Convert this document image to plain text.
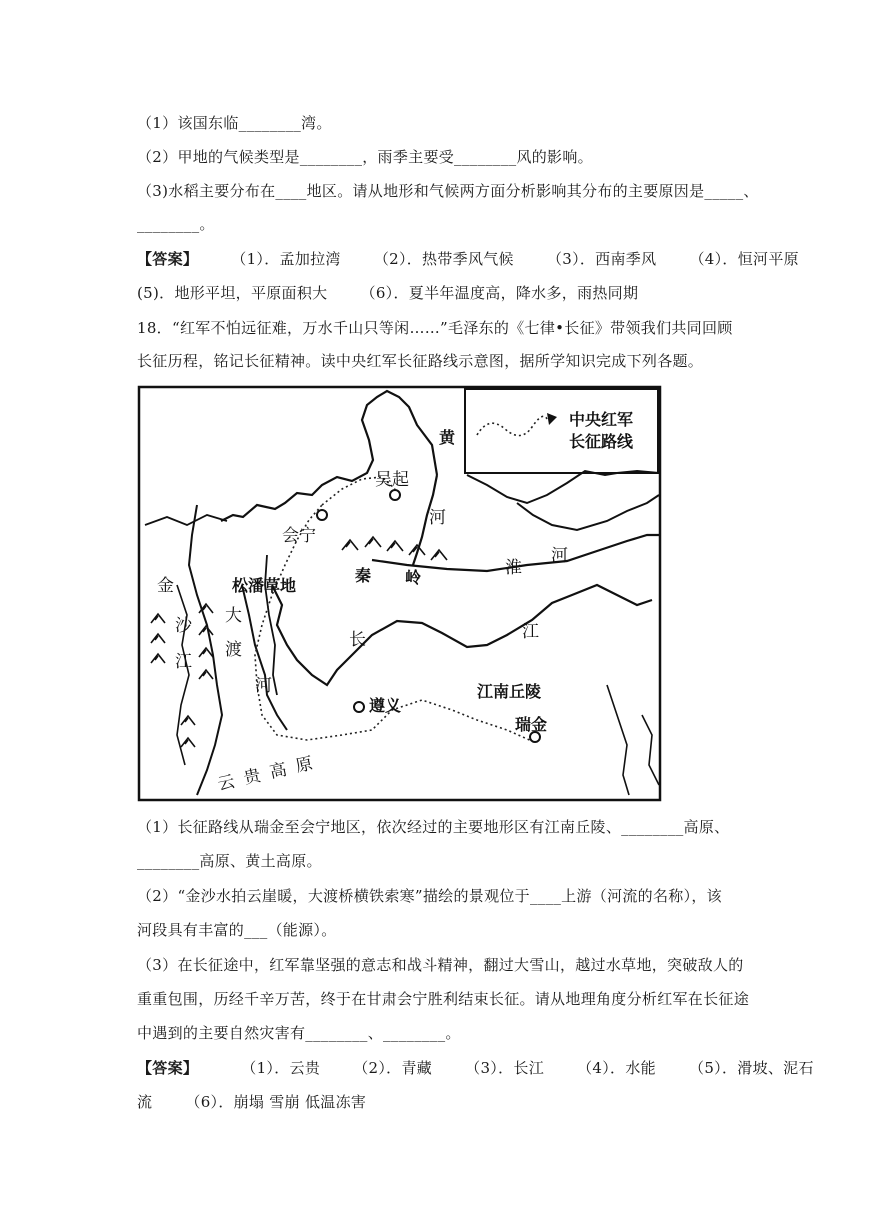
（1）该国东临________湾。
（2）甲地的气候类型是________，雨季主要受________风的影响。
（3)水稻主要分布在____地区。请从地形和气候两方面分析影响其分布的主要原因是_____、
________。
【答案】 （1）．孟加拉湾 （2）．热带季风气候 （3）．西南季风 （4）．恒河平原
(5)．地形平坦，平原面积大 （6）．夏半年温度高，降水多，雨热同期
18．“红军不怕远征难，万水千山只等闲……”毛泽东的《七律•长征》带领我们共同回顾
长征历程，铭记长征精神。读中央红军长征路线示意图，据所学知识完成下列各题。
中央红军
长征路线
会宁
吴起
遵义
瑞金
松潘草地
秦 岭
江南丘陵
云 贵 高 原
黄
河
淮
河
金
沙
江
大
渡
河
长	江
（1）长征路线从瑞金至会宁地区，依次经过的主要地形区有江南丘陵、________高原、
________高原、黄土高原。
（2）“金沙水拍云崖暖，大渡桥横铁索寒”描绘的景观位于____上游（河流的名称），该
河段具有丰富的___（能源）。
（3）在长征途中，红军靠坚强的意志和战斗精神，翻过大雪山，越过水草地，突破敌人的
重重包围，历经千辛万苦，终于在甘肃会宁胜利结束长征。请从地理角度分析红军在长征途
中遇到的主要自然灾害有________、________。
【答案】	（1）．云贵 （2）．青藏 （3）．长江 （4）．水能 （5）．滑坡、泥石
流 （6）．崩塌 雪崩 低温冻害
